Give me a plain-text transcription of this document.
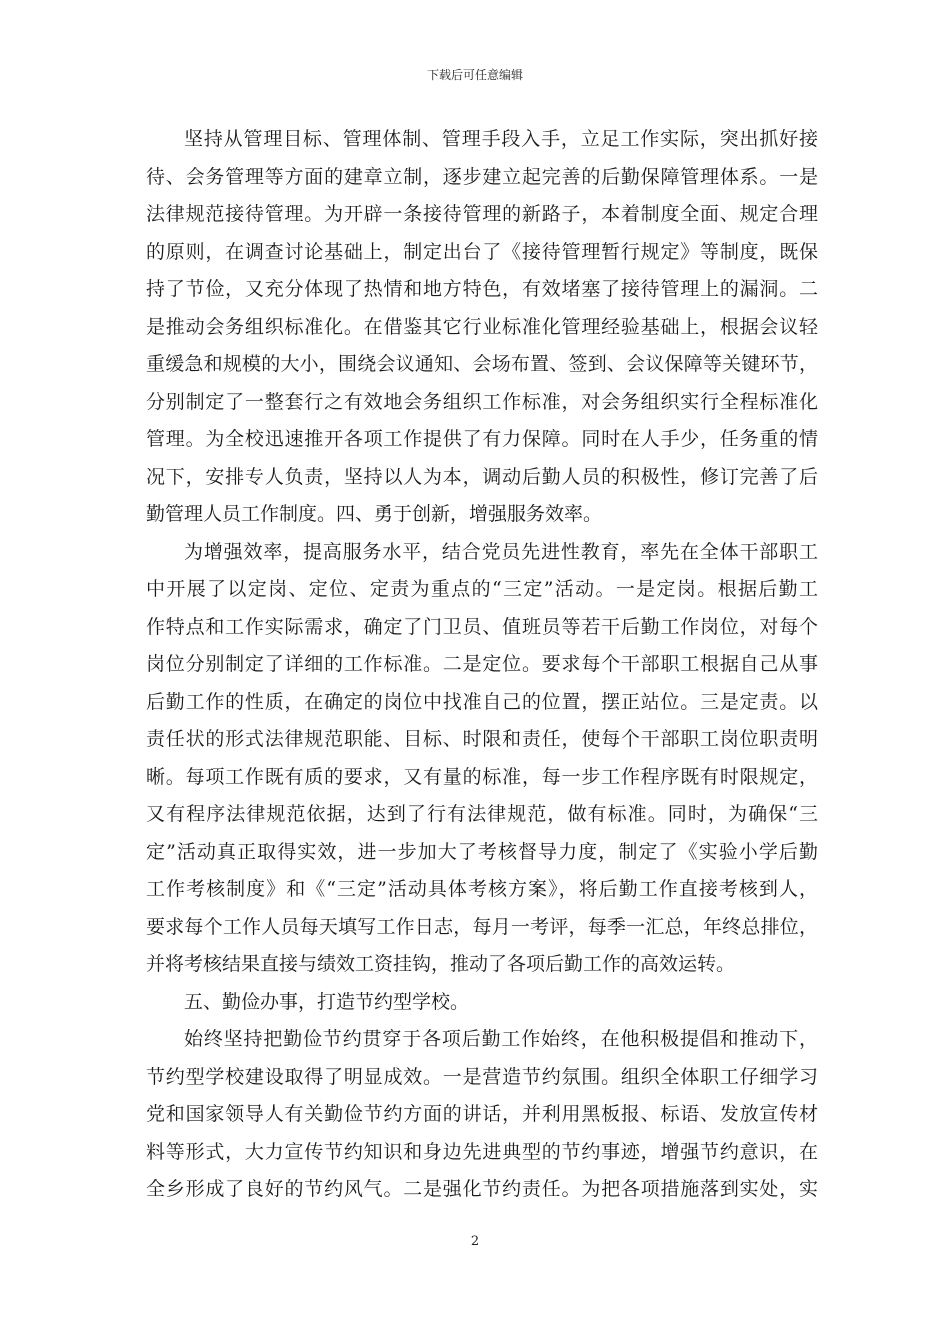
下载后可任意编辑
坚持从管理目标、管理体制、管理手段入手，立足工作实际，突出抓好接
待、会务管理等方面的建章立制，逐步建立起完善的后勤保障管理体系。一是
法律规范接待管理。为开辟一条接待管理的新路子，本着制度全面、规定合理
的原则，在调查讨论基础上，制定出台了《接待管理暂行规定》等制度，既保
持了节俭，又充分体现了热情和地方特色，有效堵塞了接待管理上的漏洞。二
是推动会务组织标准化。在借鉴其它行业标准化管理经验基础上，根据会议轻
重缓急和规模的大小，围绕会议通知、会场布置、签到、会议保障等关键环节，
分别制定了一整套行之有效地会务组织工作标准，对会务组织实行全程标准化
管理。为全校迅速推开各项工作提供了有力保障。同时在人手少，任务重的情
况下，安排专人负责，坚持以人为本，调动后勤人员的积极性，修订完善了后
勤管理人员工作制度。四、勇于创新，增强服务效率。
为增强效率，提高服务水平，结合党员先进性教育，率先在全体干部职工
中开展了以定岗、定位、定责为重点的“三定”活动。一是定岗。根据后勤工
作特点和工作实际需求，确定了门卫员、值班员等若干后勤工作岗位，对每个
岗位分别制定了详细的工作标准。二是定位。要求每个干部职工根据自己从事
后勤工作的性质，在确定的岗位中找准自己的位置，摆正站位。三是定责。以
责任状的形式法律规范职能、目标、时限和责任，使每个干部职工岗位职责明
晰。每项工作既有质的要求，又有量的标准，每一步工作程序既有时限规定，
又有程序法律规范依据，达到了行有法律规范，做有标准。同时，为确保“三
定”活动真正取得实效，进一步加大了考核督导力度，制定了《实验小学后勤
工作考核制度》和《“三定”活动具体考核方案》，将后勤工作直接考核到人，
要求每个工作人员每天填写工作日志，每月一考评，每季一汇总，年终总排位，
并将考核结果直接与绩效工资挂钩，推动了各项后勤工作的高效运转。
五、勤俭办事，打造节约型学校。
始终坚持把勤俭节约贯穿于各项后勤工作始终，在他积极提倡和推动下，
节约型学校建设取得了明显成效。一是营造节约氛围。组织全体职工仔细学习
党和国家领导人有关勤俭节约方面的讲话，并利用黑板报、标语、发放宣传材
料等形式，大力宣传节约知识和身边先进典型的节约事迹，增强节约意识，在
全乡形成了良好的节约风气。二是强化节约责任。为把各项措施落到实处，实
2
